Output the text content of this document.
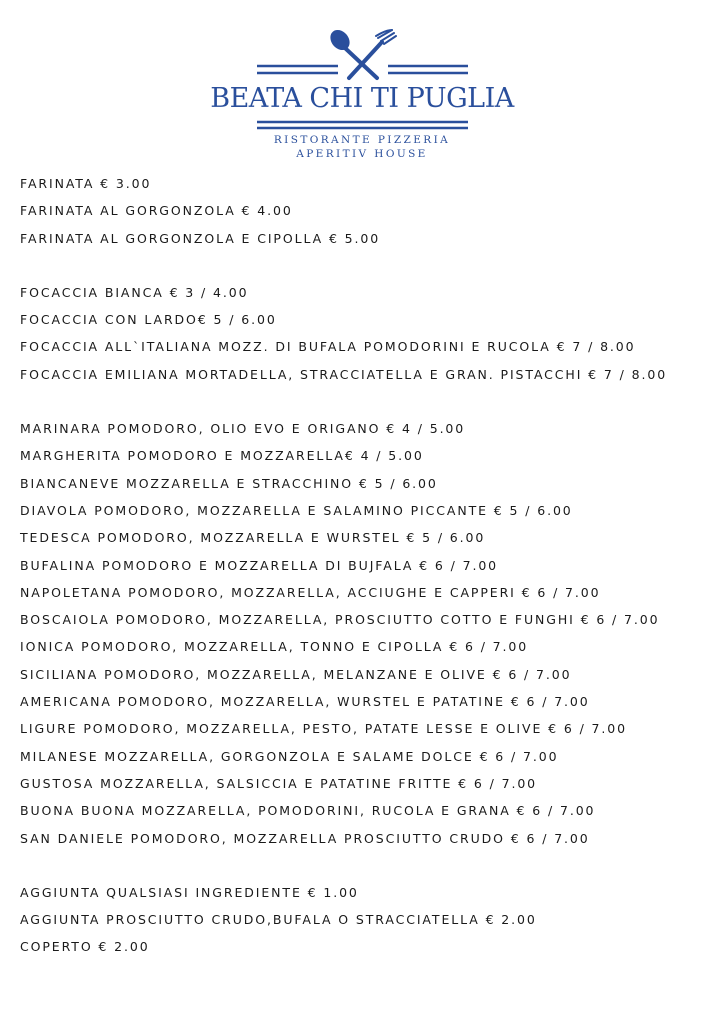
BEATA CHI TI PUGLIA
RISTORANTE PIZZERIA
APERITIV HOUSE
FARINATA € 3.00
FARINATA AL GORGONZOLA € 4.00
FARINATA AL GORGONZOLA E CIPOLLA € 5.00
FOCACCIA BIANCA € 3 / 4.00
FOCACCIA CON LARDO€ 5 / 6.00
FOCACCIA ALL`ITALIANA MOZZ. DI BUFALA POMODORINI E RUCOLA € 7 / 8.00
FOCACCIA EMILIANA MORTADELLA, STRACCIATELLA E GRAN. PISTACCHI € 7 / 8.00
MARINARA POMODORO, OLIO EVO E ORIGANO € 4 / 5.00
MARGHERITA POMODORO E MOZZARELLA€ 4 / 5.00
BIANCANEVE MOZZARELLA E STRACCHINO € 5 / 6.00
DIAVOLA POMODORO, MOZZARELLA E SALAMINO PICCANTE € 5 / 6.00
TEDESCA POMODORO, MOZZARELLA E WURSTEL € 5 / 6.00
BUFALINA POMODORO E MOZZARELLA DI BUJFALA € 6 / 7.00
NAPOLETANA POMODORO, MOZZARELLA, ACCIUGHE E CAPPERI € 6 / 7.00
BOSCAIOLA POMODORO, MOZZARELLA, PROSCIUTTO COTTO E FUNGHI € 6 / 7.00
IONICA POMODORO, MOZZARELLA, TONNO E CIPOLLA € 6 / 7.00
SICILIANA POMODORO, MOZZARELLA, MELANZANE E OLIVE € 6 / 7.00
AMERICANA POMODORO, MOZZARELLA, WURSTEL E PATATINE € 6 / 7.00
LIGURE POMODORO, MOZZARELLA, PESTO, PATATE LESSE E OLIVE € 6 / 7.00
MILANESE MOZZARELLA, GORGONZOLA E SALAME DOLCE € 6 / 7.00
GUSTOSA MOZZARELLA, SALSICCIA E PATATINE FRITTE € 6 / 7.00
BUONA BUONA MOZZARELLA, POMODORINI, RUCOLA E GRANA € 6 / 7.00
SAN DANIELE POMODORO, MOZZARELLA PROSCIUTTO CRUDO € 6 / 7.00
AGGIUNTA QUALSIASI INGREDIENTE € 1.00
AGGIUNTA PROSCIUTTO CRUDO,BUFALA O STRACCIATELLA € 2.00
COPERTO € 2.00
